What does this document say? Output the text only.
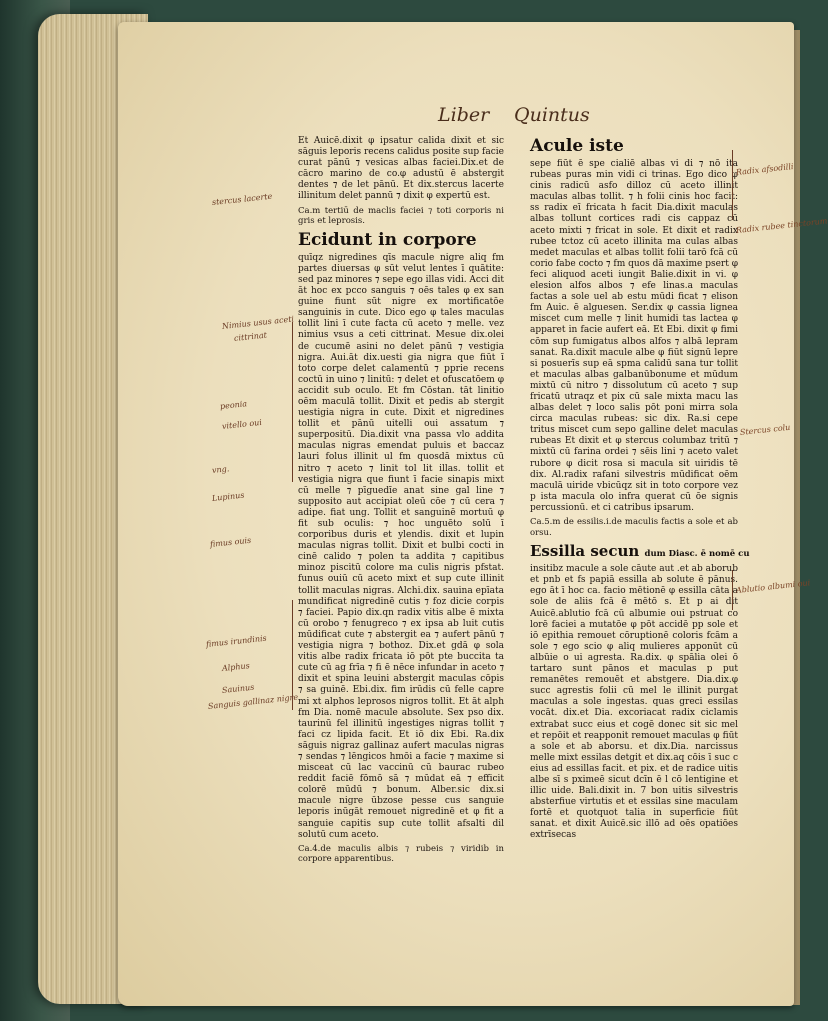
Liber Quintus

Et Auicē.dixit φ ipsatur calida dixit et sic sāguis leporis recens calidus posite sup facie curat pānū ⁊ vesicas albas faciei.Dix.et de cācro marino de co.φ adustū ē abstergit dentes ⁊ de let pānū. Et dix.stercus lacerte illinitum delet pannū ⁊ dixit φ expertū est.

Ca.m tertiū de maclis faciei ⁊ toti corporis ni gris et leprosis.

Ecidunt in corpore

quīqz nigredines qīs macule nigre aliq fm partes diuersas φ sūt velut lentes ī quātite: sed paz minores ⁊ sepe ego illas vidi. Acci dit āt hoc ex pcco sanguis ⁊ oēs tales φ ex san guine fiunt sūt nigre ex mortificatōe sanguinis in cute. Dico ego φ tales maculas tollit lini ī cute facta cū aceto ⁊ melle. vez nimius vsus a ceti cittrinat. Mesue dix.olei de cucumē asini no delet pānū ⁊ vestigia nigra. Aui.āt dix.uesti gia nigra que fiūt ī toto corpe delet calamentū ⁊ pprie recens coctū in uino ⁊ linitū: ⁊ delet et ofuscatōem φ accidit sub oculo. Et fm Cōstan. tāt linitio oēm maculā tollit. Dixit et pedis ab stergit uestigia nigra in cute. Dixit et nigredines tollit et pānū uitelli oui assatum ⁊ superpositū. Dia.dixit vna passa vlo addita maculas nigras emendat puluis et baccaz lauri folus illinit ul fm quosdā mixtus cū nitro ⁊ aceto ⁊ linit tol lit illas. tollit et vestigia nigra que fiunt ī facie sinapis mixt cū melle ⁊ pīguedīe anat sine gal line ⁊ supposito aut accipiat oleū cōe ⁊ cū cera ⁊ adipe. fiat ung. Tollit et sanguinē mortuū φ fit sub oculis: ⁊ hoc unguēto solū ī corporibus duris et ylendis. dixit et lupin maculas nigras tollit. Dixit et bulbi cocti in cinē calido ⁊ polen ta addita ⁊ capitibus minoz piscitū colore ma culis nigris pfstat. funus ouiū cū aceto mixt et sup cute illinit tollit maculas nigras. Alchi.dix. sauina epīata mundificat nigredinē cutis ⁊ foz dicie corpis ⁊ faciei. Papio dix.qn radix vitis albe ē mixta cū orobo ⁊ fenugreco ⁊ ex ipsa ab luit cutis mūdificat cute ⁊ abstergit ea ⁊ aufert pānū ⁊ vestigia nigra ⁊ bothoz. Dix.et gdā φ sola vitis albe radix fricata iō pōt pte buccita ta cute cū ag frīa ⁊ fi ē nēce infundar in aceto ⁊ dixit et spina leuini abstergit maculas cōpis ⁊ sa guinē. Ebi.dix. fim irūdis cū felle capre mi xt alphos leprosos nigros tollit. Et āt alph fm Dia. nomē macule absolute. Sex pso dix. taurinū fel illinitū ingestiges nigras tollit ⁊ faci cz lipida facit. Et iō dix Ebi. Ra.dix sāguis nigraz gallinaz aufert maculas nigras ⁊ sendas ⁊ lēngicos hmōi a facie ⁊ maxime si misceat cū lac vaccinū cū baurac rubeo reddit faciē fōmō sā ⁊ mūdat eā ⁊ efficit colorē mūdū ⁊ bonum. Alber.sic dix.si macule nigre ūbzose pesse cus sanguie leporis inūgāt remouet nigredinē et φ fit a sanguie capitis sup cute tollit afsalti dil solutū cum aceto.

Ca.4.de maculis albis ⁊ rubeis ⁊ viridib in corpore apparentibus.

Acule iste

sepe fiūt ē spe cialiē albas vi di ⁊ nō ita rubeas puras min vidi ci trinas. Ego dico φ cinis radicū asfo dilloz cū aceto illinit maculas albas tollit. ⁊ h folii cinis hoc facit: ss radix eī fricata h facit Dia.dixit maculas albas tollunt cortices radi cis cappaz cū aceto mixti ⁊ fricat in sole. Et dixit et radix rubee tctoz cū aceto illinita ma culas albas medet maculas et albas tollit folii tarō fcā cū corio fabe cocto ⁊ fm quos dā maxime psert φ feci aliquod aceti iungit Balie.dixit in vi. φ elesion alfos albos ⁊ efe linas.a maculas factas a sole uel ab estu mūdi ficat ⁊ elison fm Auic. ē alguesen. Ser.dix φ cassia lignea miscet cum melle ⁊ linit humidi tas lactea φ apparet in facie aufert eā. Et Ebi. dixit φ fimi cōm sup fumigatus albos alfos ⁊ albā lepram sanat. Ra.dixit macule albe φ fiūt signū lepre si posuerīs sup eā spma calidū sana tur tollit et maculas albas galbanūbonume et mūdum mixtū cū nitro ⁊ dissolutum cū aceto ⁊ sup fricatū utraqz et pix cū sale mixta macu las albas delet ⁊ loco salis pōt poni mirra sola circa maculas rubeas: sic dix. Ra.si cepe tritus miscet cum sepo galline delet maculas rubeas Et dixit et φ stercus columbaz tritū ⁊ mixtū cū farina ordei ⁊ sēis lini ⁊ aceto valet rubore φ dicit rosa si macula sit uiridis tē dix. Al.radix rafani silvestris mūdificat oēm maculā uiride vbicūqz sit in toto corpore vez p ista macula olo infra querat cū ōe signis percussionū. et ci catribus ipsarum.

Ca.5.m de essilis.i.de maculis factis a sole et ab orsu.

Essilla secun dum Diasc. ē nomē cu

insitibz macule a sole cāute aut .et ab aborub et pnb et fs papiā essilla ab solute ē pānus. ego āt ī hoc ca. facio mētionē φ essilla cāta a sole de aliis fcā ē mētō s. Et p ai dit Auicē.ablutio fcā cū albumie oui pstruat co lorē faciei a mutatōe φ pōt accidē pp sole et iō epithia remouet cōruptionē coloris fcām a sole ⁊ ego scio φ aliq mulieres apponūt cū albūie o ui agresta. Ra.dix. φ spālia olei ō tartaro sunt pānos et maculas p put remanētes remouēt et abstgere. Dia.dix.φ succ agrestis folii cū mel le illinit purgat maculas a sole ingestas. quas greci essilas vocāt. dix.et Dia. excoriacat radix ciclamis extrabat succ eius et cogē donec sit sic mel et repōit et reapponit remouet maculas φ fiūt a sole et ab aborsu. et dix.Dia. narcissus melle mixt essilas detgit et dix.aq cōis ī suc c eius ad essillas facit. et pix. et de radice uitis albe sī s pximeē sicut dcīn ē l cō lentigine et illic uide. Bali.dixit in. 7 bon uitis silvestris absterfiue virtutis et et essilas sine maculam fortē et quotquot talia in superficie fiūt sanat. et dixit Auicē.sic illō ad oēs opatiōes extrīsecas

stercus lacerte

Nimius usus aceti

cittrinat

peonia

vitello oui

vng.

Lupinus

fimus ouis

fimus irundinis

Alphus

Sauinus

Sanguis gallinaz nigre

Radix afsodilli

Radix rubee tinctorum

Stercus colu

Ablutio albumi oui
